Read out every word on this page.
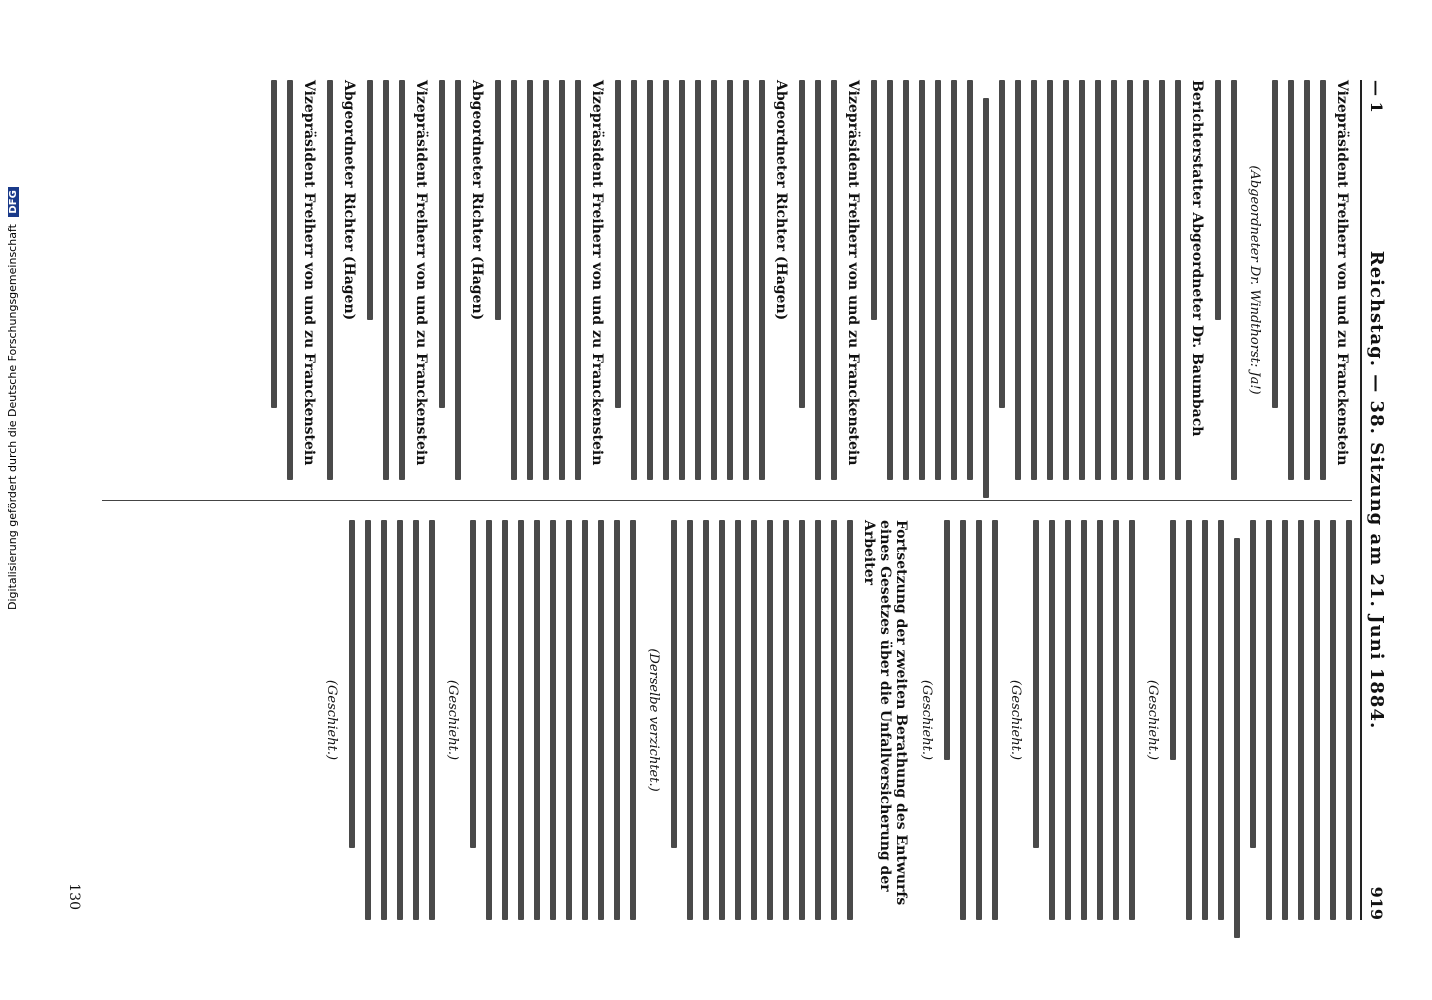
— 1
Reichstag. — 38. Sitzung am 21. Juni 1884.
919
Vizepräsident Freiherr von und zu Franckenstein
(Abgeordneter Dr. Windthorst: Ja!)
Berichterstatter Abgeordneter Dr. Baumbach
Vizepräsident Freiherr von und zu Franckenstein
Abgeordneter Richter (Hagen)
Vizepräsident Freiherr von und zu Franckenstein
Abgeordneter Richter (Hagen)
Vizepräsident Freiherr von und zu Franckenstein
Abgeordneter Richter (Hagen)
Vizepräsident Freiherr von und zu Franckenstein
(Geschieht.)
(Geschieht.)
(Geschieht.)
Fortsetzung der zweiten Berathung des Entwurfs eines Gesetzes über die Unfallversicherung der Arbeiter
(Derselbe verzichtet.)
(Geschieht.)
(Geschieht.)
130
Digitalisierung gefördert durch die Deutsche Forschungsgemeinschaft DFG
